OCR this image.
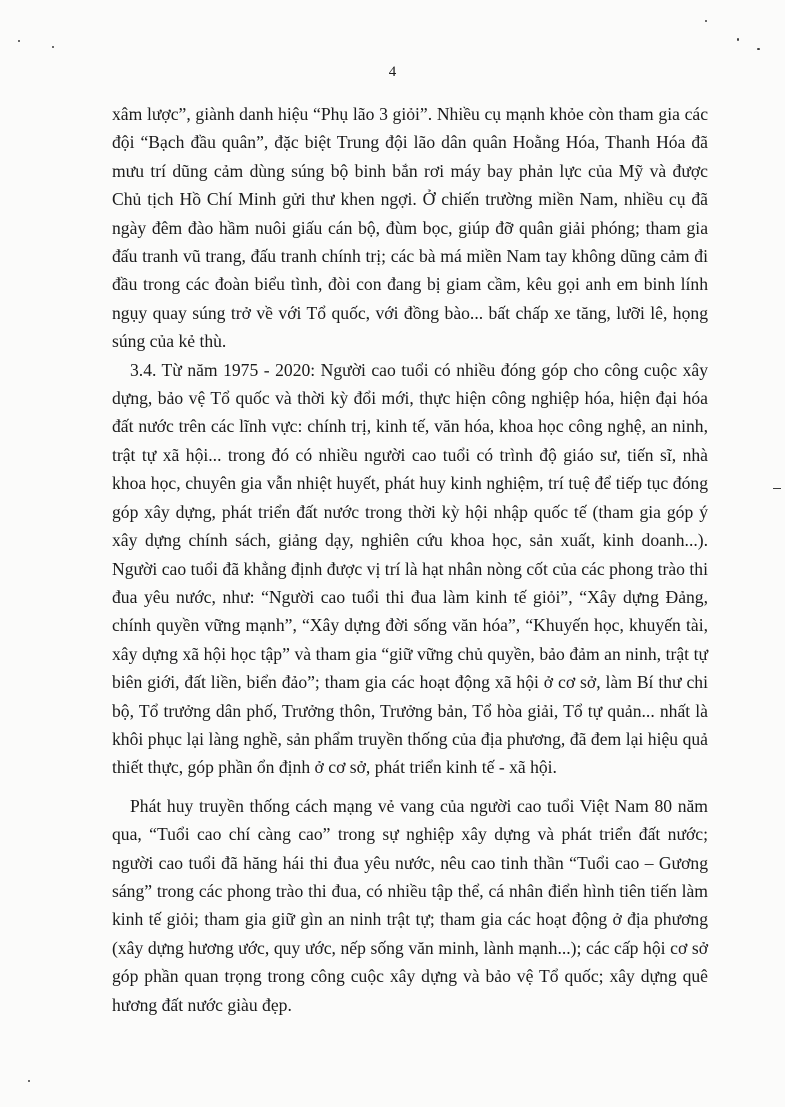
4

xâm lược”, giành danh hiệu “Phụ lão 3 giỏi”. Nhiều cụ mạnh khỏe còn tham gia các đội “Bạch đầu quân”, đặc biệt Trung đội lão dân quân Hoằng Hóa, Thanh Hóa đã mưu trí dũng cảm dùng súng bộ binh bắn rơi máy bay phản lực của Mỹ và được Chủ tịch Hồ Chí Minh gửi thư khen ngợi. Ở chiến trường miền Nam, nhiều cụ đã ngày đêm đào hầm nuôi giấu cán bộ, đùm bọc, giúp đỡ quân giải phóng; tham gia đấu tranh vũ trang, đấu tranh chính trị; các bà má miền Nam tay không dũng cảm đi đầu trong các đoàn biểu tình, đòi con đang bị giam cầm, kêu gọi anh em binh lính ngụy quay súng trở về với Tổ quốc, với đồng bào... bất chấp xe tăng, lưỡi lê, họng súng của kẻ thù.

3.4. Từ năm 1975 - 2020: Người cao tuổi có nhiều đóng góp cho công cuộc xây dựng, bảo vệ Tổ quốc và thời kỳ đổi mới, thực hiện công nghiệp hóa, hiện đại hóa đất nước trên các lĩnh vực: chính trị, kinh tế, văn hóa, khoa học công nghệ, an ninh, trật tự xã hội... trong đó có nhiều người cao tuổi có trình độ giáo sư, tiến sĩ, nhà khoa học, chuyên gia vẫn nhiệt huyết, phát huy kinh nghiệm, trí tuệ để tiếp tục đóng góp xây dựng, phát triển đất nước trong thời kỳ hội nhập quốc tế (tham gia góp ý xây dựng chính sách, giảng dạy, nghiên cứu khoa học, sản xuất, kinh doanh...). Người cao tuổi đã khẳng định được vị trí là hạt nhân nòng cốt của các phong trào thi đua yêu nước, như: “Người cao tuổi thi đua làm kinh tế giỏi”, “Xây dựng Đảng, chính quyền vững mạnh”, “Xây dựng đời sống văn hóa”, “Khuyến học, khuyến tài, xây dựng xã hội học tập” và tham gia “giữ vững chủ quyền, bảo đảm an ninh, trật tự biên giới, đất liền, biển đảo”; tham gia các hoạt động xã hội ở cơ sở, làm Bí thư chi bộ, Tổ trưởng dân phố, Trưởng thôn, Trưởng bản, Tổ hòa giải, Tổ tự quản... nhất là khôi phục lại làng nghề, sản phẩm truyền thống của địa phương, đã đem lại hiệu quả thiết thực, góp phần ổn định ở cơ sở, phát triển kinh tế - xã hội.

Phát huy truyền thống cách mạng vẻ vang của người cao tuổi Việt Nam 80 năm qua, “Tuổi cao chí càng cao” trong sự nghiệp xây dựng và phát triển đất nước; người cao tuổi đã hăng hái thi đua yêu nước, nêu cao tinh thần “Tuổi cao – Gương sáng” trong các phong trào thi đua, có nhiều tập thể, cá nhân điển hình tiên tiến làm kinh tế giỏi; tham gia giữ gìn an ninh trật tự; tham gia các hoạt động ở địa phương (xây dựng hương ước, quy ước, nếp sống văn minh, lành mạnh...); các cấp hội cơ sở góp phần quan trọng trong công cuộc xây dựng và bảo vệ Tổ quốc; xây dựng quê hương đất nước giàu đẹp.
